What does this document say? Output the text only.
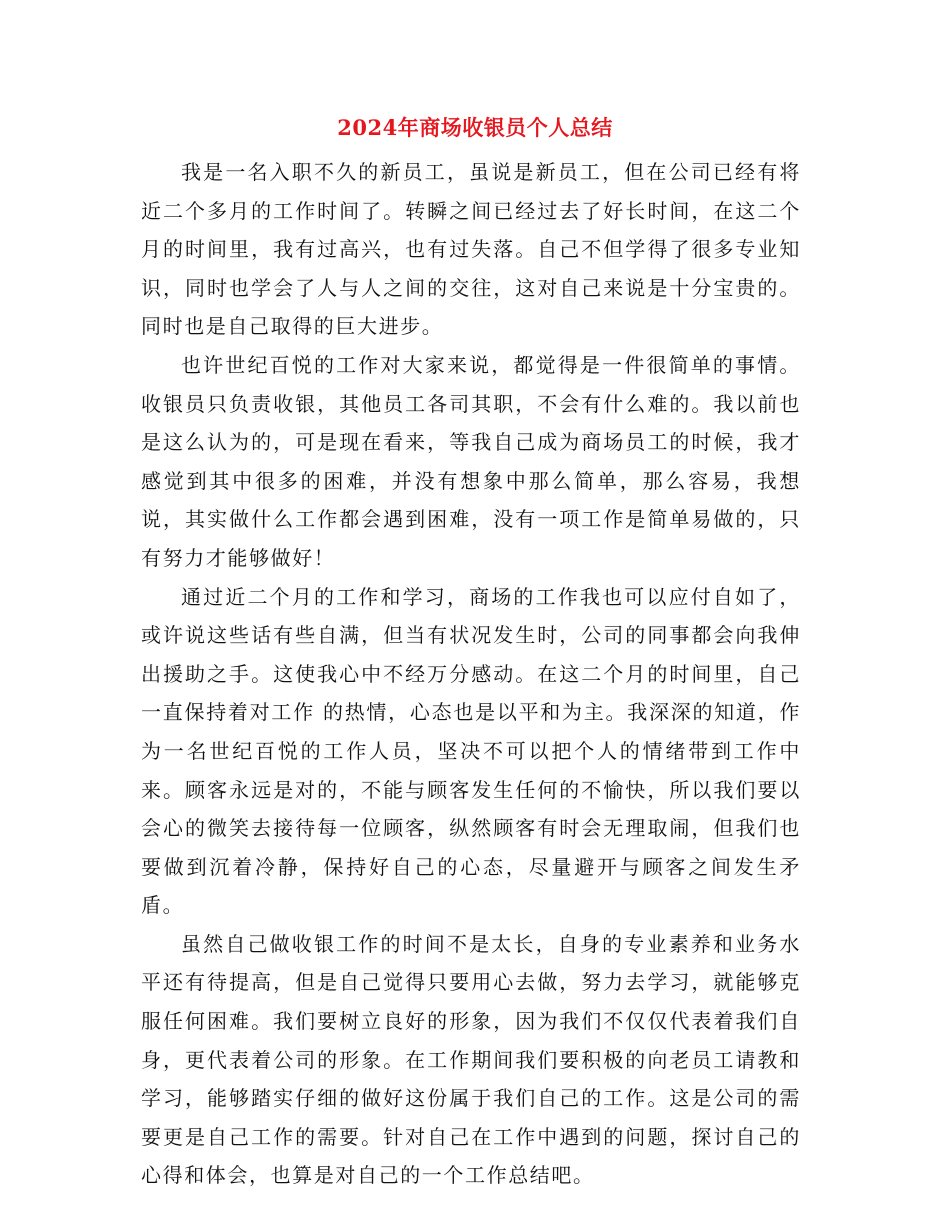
2024年商场收银员个人总结

我是一名入职不久的新员工，虽说是新员工，但在公司已经有将近二个多月的工作时间了。转瞬之间已经过去了好长时间，在这二个月的时间里，我有过高兴，也有过失落。自己不但学得了很多专业知识，同时也学会了人与人之间的交往，这对自己来说是十分宝贵的。同时也是自己取得的巨大进步。

也许世纪百悦的工作对大家来说，都觉得是一件很简单的事情。收银员只负责收银，其他员工各司其职，不会有什么难的。我以前也是这么认为的，可是现在看来，等我自己成为商场员工的时候，我才感觉到其中很多的困难，并没有想象中那么简单，那么容易，我想说，其实做什么工作都会遇到困难，没有一项工作是简单易做的，只有努力才能够做好！

通过近二个月的工作和学习，商场的工作我也可以应付自如了，或许说这些话有些自满，但当有状况发生时，公司的同事都会向我伸出援助之手。这使我心中不经万分感动。在这二个月的时间里，自己一直保持着对工作 的热情，心态也是以平和为主。我深深的知道，作为一名世纪百悦的工作人员，坚决不可以把个人的情绪带到工作中来。顾客永远是对的，不能与顾客发生任何的不愉快，所以我们要以会心的微笑去接待每一位顾客，纵然顾客有时会无理取闹，但我们也要做到沉着冷静，保持好自己的心态，尽量避开与顾客之间发生矛盾。

虽然自己做收银工作的时间不是太长，自身的专业素养和业务水平还有待提高，但是自己觉得只要用心去做，努力去学习，就能够克服任何困难。我们要树立良好的形象，因为我们不仅仅代表着我们自身，更代表着公司的形象。在工作期间我们要积极的向老员工请教和学习，能够踏实仔细的做好这份属于我们自己的工作。这是公司的需要更是自己工作的需要。针对自己在工作中遇到的问题，探讨自己的心得和体会，也算是对自己的一个工作总结吧。
